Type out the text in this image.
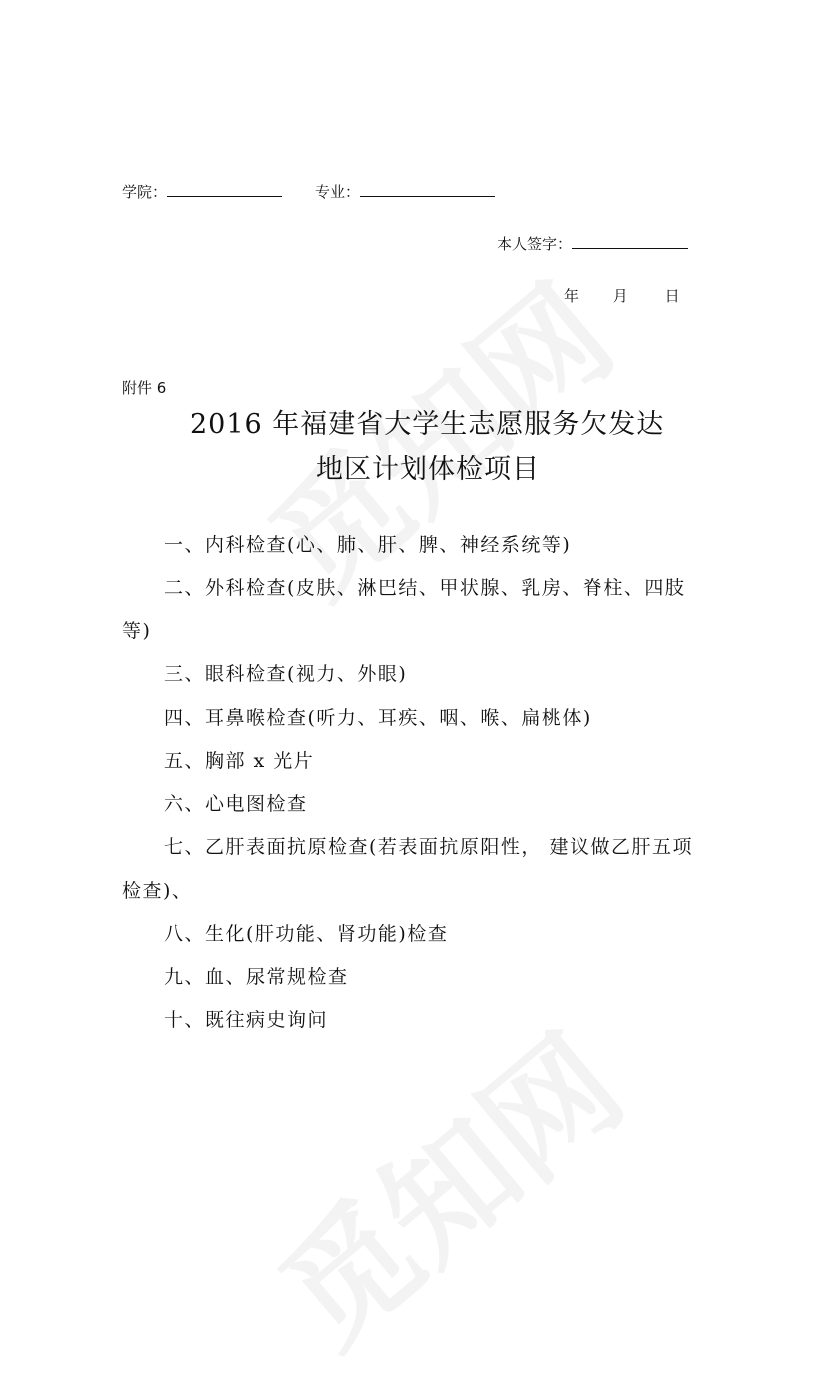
学院：	专业：
本人签字：
年 月 日
附件 6
2016 年福建省大学生志愿服务欠发达
地区计划体检项目
一、内科检查(心、肺、肝、脾、神经系统等)
二、外科检查(皮肤、淋巴结、甲状腺、乳房、脊柱、四肢
等)
三、眼科检查(视力、外眼)
四、耳鼻喉检查(听力、耳疾、咽、喉、扁桃体)
五、胸部 x 光片
六、心电图检查
七、乙肝表面抗原检查(若表面抗原阳性， 建议做乙肝五项
检查)、
八、生化(肝功能、肾功能)检查
九、血、尿常规检查
十、既往病史询问
